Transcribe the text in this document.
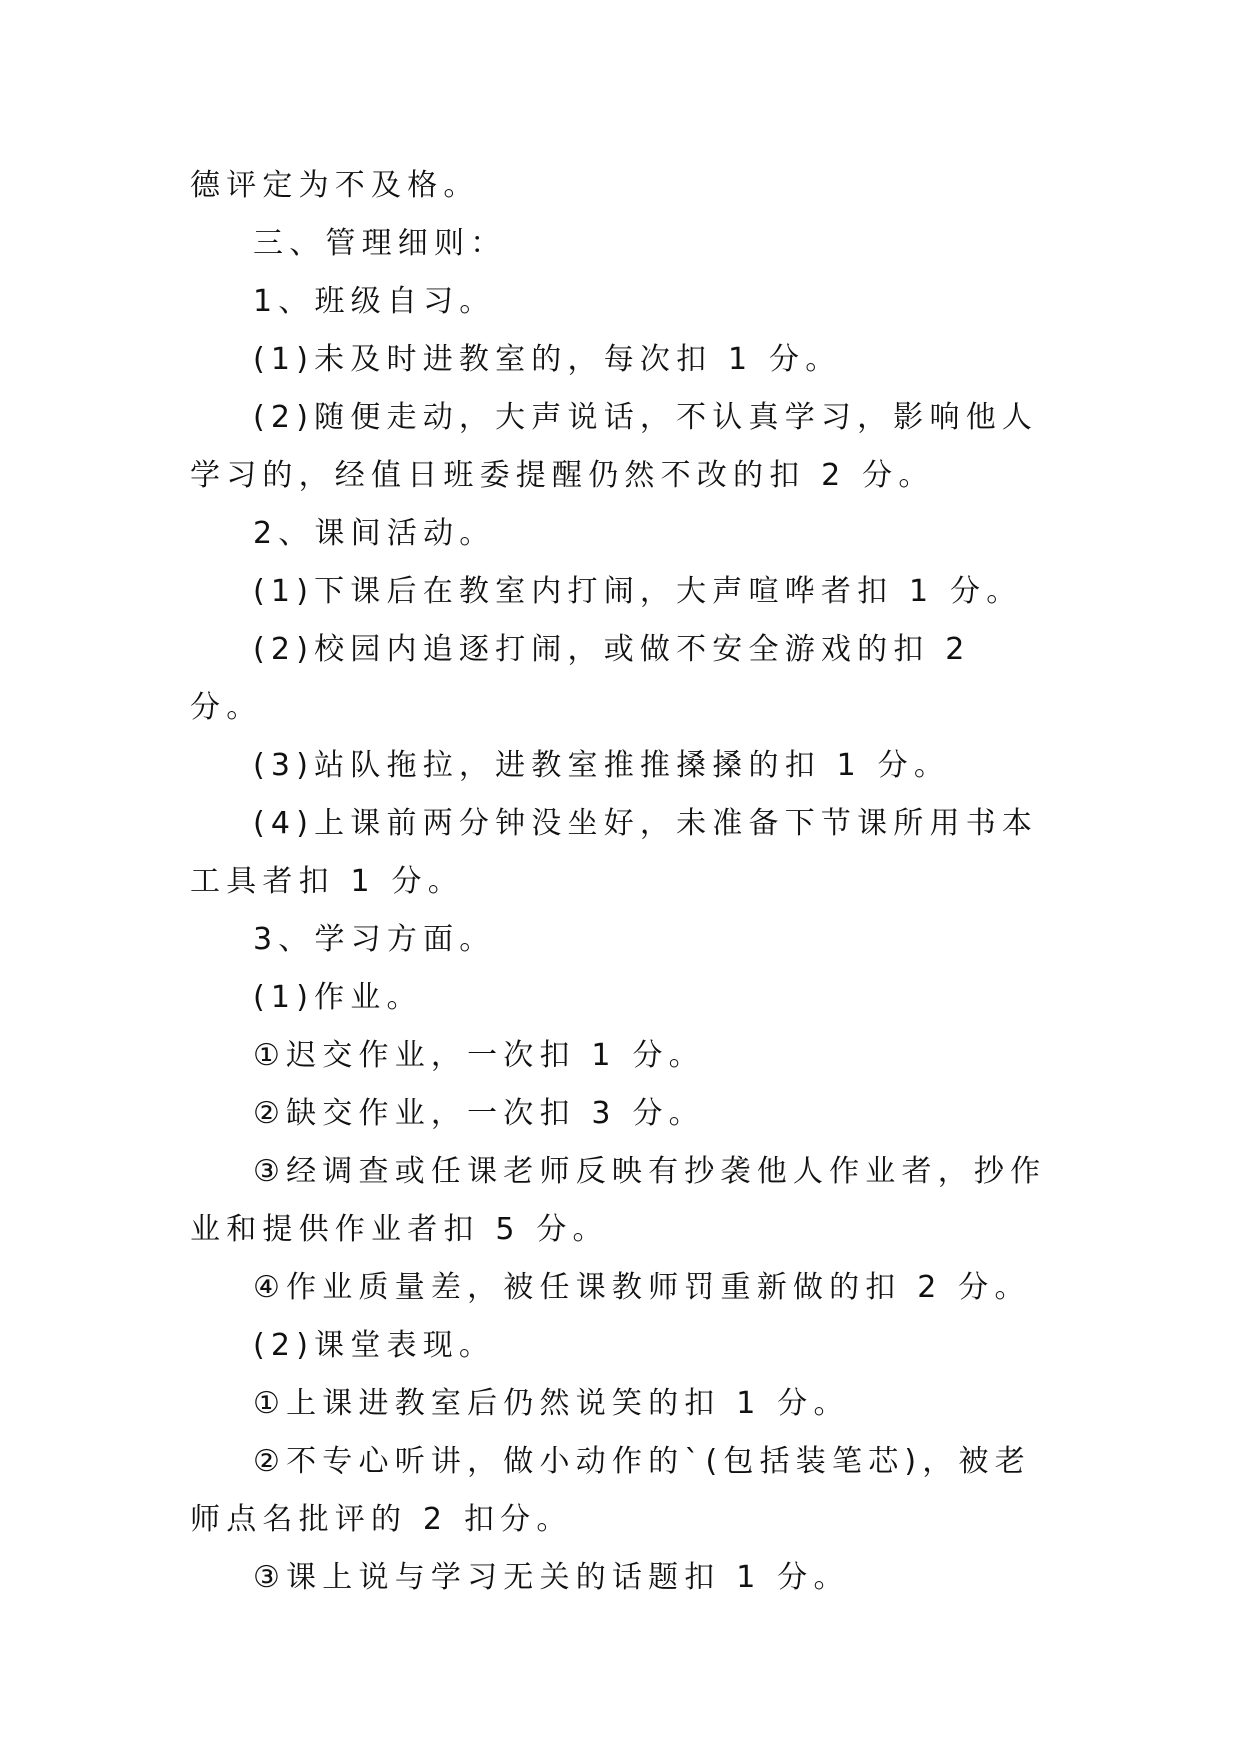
德评定为不及格。

三、管理细则：

1、班级自习。

(1)未及时进教室的，每次扣 1 分。

(2)随便走动，大声说话，不认真学习，影响他人学习的，经值日班委提醒仍然不改的扣 2 分。

2、课间活动。

(1)下课后在教室内打闹，大声喧哗者扣 1 分。

(2)校园内追逐打闹，或做不安全游戏的扣 2 分。

(3)站队拖拉，进教室推推搡搡的扣 1 分。

(4)上课前两分钟没坐好，未准备下节课所用书本工具者扣 1 分。

3、学习方面。

(1)作业。

①迟交作业，一次扣 1 分。

②缺交作业，一次扣 3 分。

③经调查或任课老师反映有抄袭他人作业者，抄作业和提供作业者扣 5 分。

④作业质量差，被任课教师罚重新做的扣 2 分。

(2)课堂表现。

①上课进教室后仍然说笑的扣 1 分。

②不专心听讲，做小动作的`(包括装笔芯)，被老师点名批评的 2 扣分。

③课上说与学习无关的话题扣 1 分。
